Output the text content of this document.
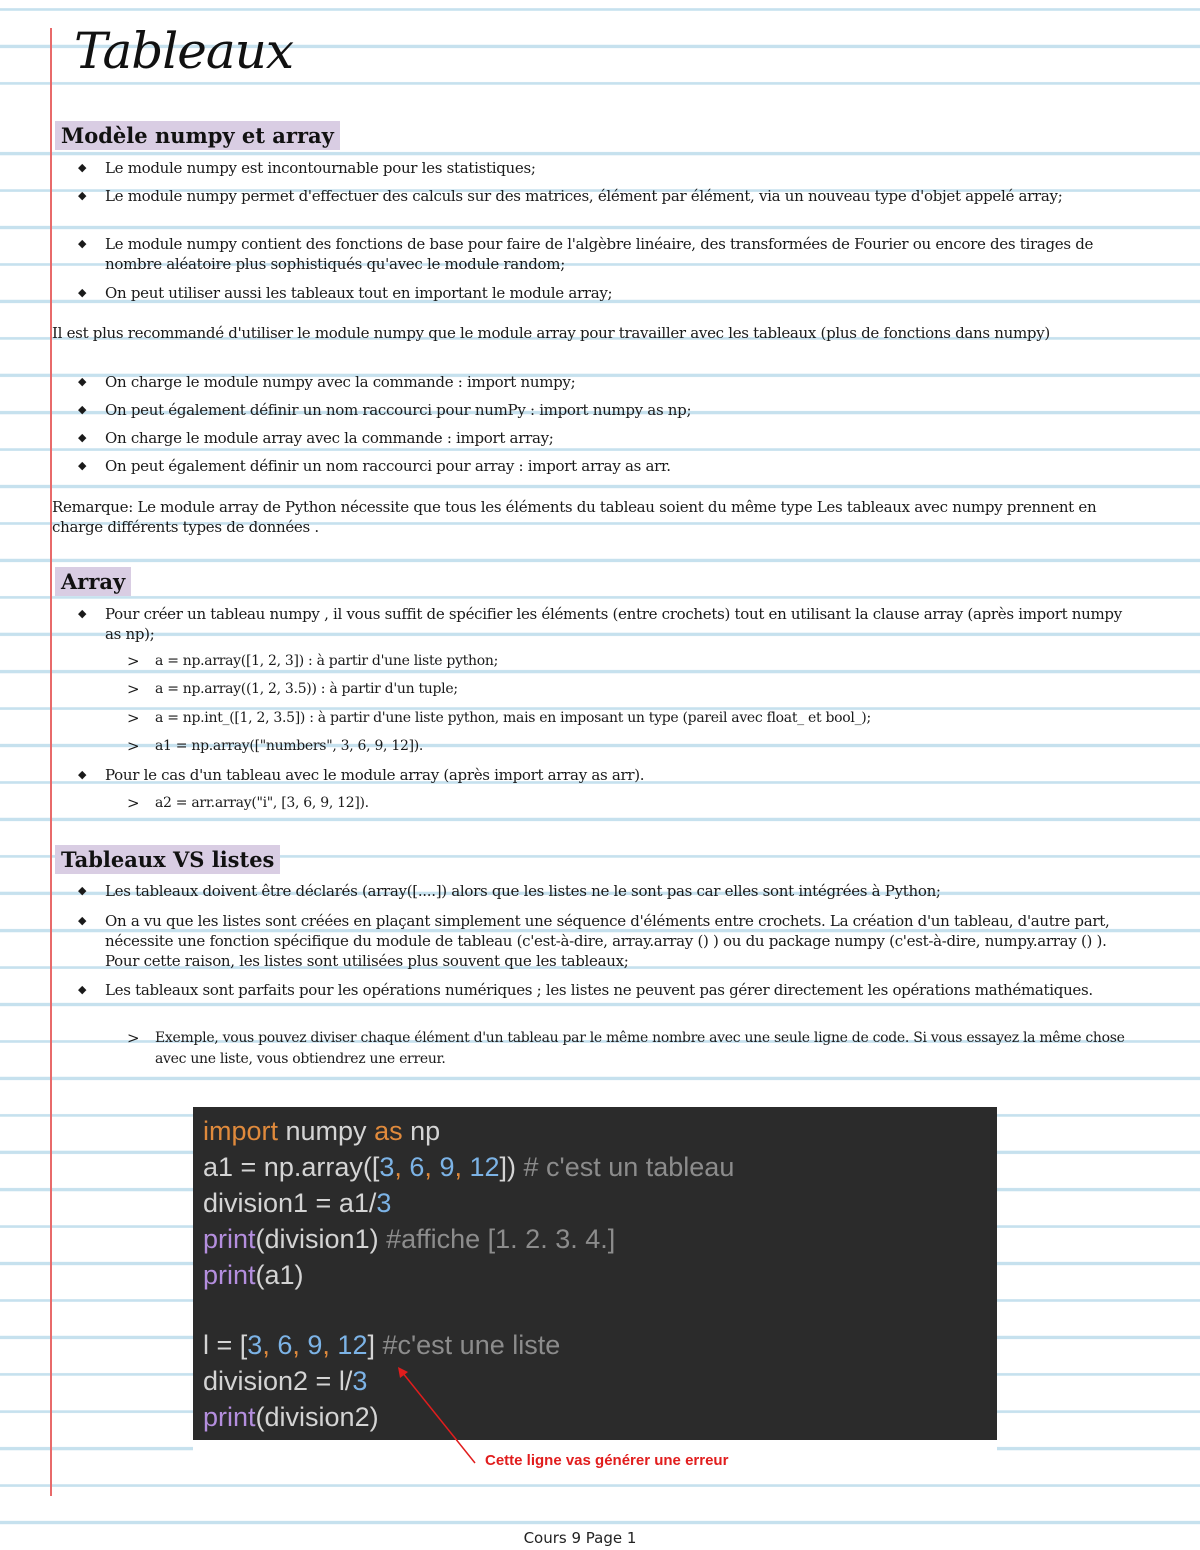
Tableaux
Modèle numpy et array
◆ Le module numpy est incontournable pour les statistiques;
◆ Le module numpy permet d'effectuer des calculs sur des matrices, élément par élément, via un nouveau type d'objet appelé array;
◆ Le module numpy contient des fonctions de base pour faire de l'algèbre linéaire, des transformées de Fourier ou encore des tirages de nombre aléatoire plus sophistiqués qu'avec le module random;
◆ On peut utiliser aussi les tableaux tout en important le module array;
Il est plus recommandé d'utiliser le module numpy que le module array pour travailler avec les tableaux (plus de fonctions dans numpy)
◆ On charge le module numpy avec la commande : import numpy;
◆ On peut également définir un nom raccourci pour numPy : import numpy as np;
◆ On charge le module array avec la commande : import array;
◆ On peut également définir un nom raccourci pour array : import array as arr.
Remarque: Le module array de Python nécessite que tous les éléments du tableau soient du même type Les tableaux avec numpy prennent en charge différents types de données .
Array
◆ Pour créer un tableau numpy , il vous suffit de spécifier les éléments (entre crochets) tout en utilisant la clause array (après import numpy as np);
> a = np.array([1, 2, 3]) : à partir d'une liste python;
> a = np.array((1, 2, 3.5)) : à partir d'un tuple;
> a = np.int_([1, 2, 3.5]) : à partir d'une liste python, mais en imposant un type (pareil avec float_ et bool_);
> a1 = np.array(["numbers", 3, 6, 9, 12]).
◆ Pour le cas d'un tableau avec le module array (après import array as arr).
> a2 = arr.array("i", [3, 6, 9, 12]).
Tableaux VS listes
◆ Les tableaux doivent être déclarés (array([....]) alors que les listes ne le sont pas car elles sont intégrées à Python;
◆ On a vu que les listes sont créées en plaçant simplement une séquence d'éléments entre crochets. La création d'un tableau, d'autre part, nécessite une fonction spécifique du module de tableau (c'est-à-dire, array.array () ) ou du package numpy (c'est-à-dire, numpy.array () ). Pour cette raison, les listes sont utilisées plus souvent que les tableaux;
◆ Les tableaux sont parfaits pour les opérations numériques ; les listes ne peuvent pas gérer directement les opérations mathématiques.
> Exemple, vous pouvez diviser chaque élément d'un tableau par le même nombre avec une seule ligne de code. Si vous essayez la même chose avec une liste, vous obtiendrez une erreur.
import numpy as np
a1 = np.array([3, 6, 9, 12]) # c'est un tableau
division1 = a1/3
print(division1) #affiche [1. 2. 3. 4.]
print(a1)
l = [3, 6, 9, 12] #c'est une liste
division2 = l/3
print(division2)
Cette ligne vas générer une erreur
Cours 9 Page 1
